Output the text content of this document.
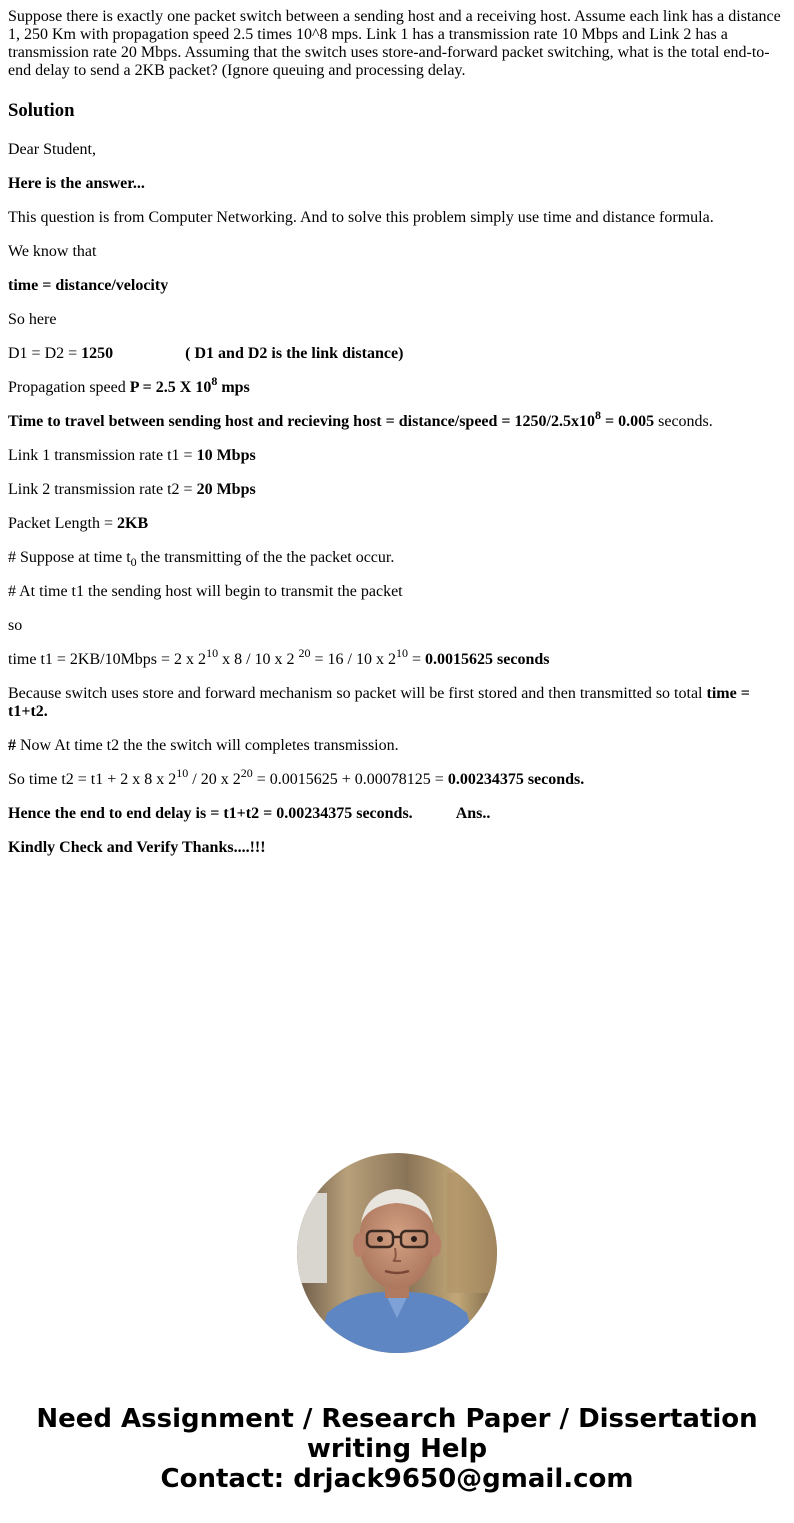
Suppose there is exactly one packet switch between a sending host and a receiving host. Assume each link has a distance 1, 250 Km with propagation speed 2.5 times 10^8 mps. Link 1 has a transmission rate 10 Mbps and Link 2 has a transmission rate 20 Mbps. Assuming that the switch uses store-and-forward packet switching, what is the total end-to-end delay to send a 2KB packet? (Ignore queuing and processing delay.

Solution

Dear Student,

Here is the answer...

This question is from Computer Networking. And to solve this problem simply use time and distance formula.

We know that

time = distance/velocity

So here

D1 = D2 = 1250	( D1 and D2 is the link distance)

Propagation speed P = 2.5 X $10^8$ mps

Time to travel between sending host and recieving host = distance/speed = $1250/2.5x10^8 = 0.005$ seconds.

Link 1 transmission rate t1 = 10 Mbps

Link 2 transmission rate t2 = 20 Mbps

Packet Length = 2KB

# Suppose at time $t_0$ the transmitting of the the packet occur.

# At time t1 the sending host will begin to transmit the packet

so

time t1 = 2KB/10Mbps = 2 x $2^{10}$ x 8 / 10 x 2 $^{20}$ = 16 / 10 x $2^{10} = 0.0015625$ seconds

Because switch uses store and forward mechanism so packet will be first stored and then transmitted so total time = t1+t2.

# Now At time t2 the the switch will completes transmission.

So time t2 = t1 + 2 x 8 x $2^{10} / 20$ x $2^{20} = 0.0015625 + 0.00078125 = 0.00234375$ seconds.

Hence the end to end delay is = t1+t2 = 0.00234375 seconds.	Ans..

Kindly Check and Verify Thanks....!!!

Need Assignment / Research Paper / Dissertation
writing Help
Contact: drjack9650@gmail.com
